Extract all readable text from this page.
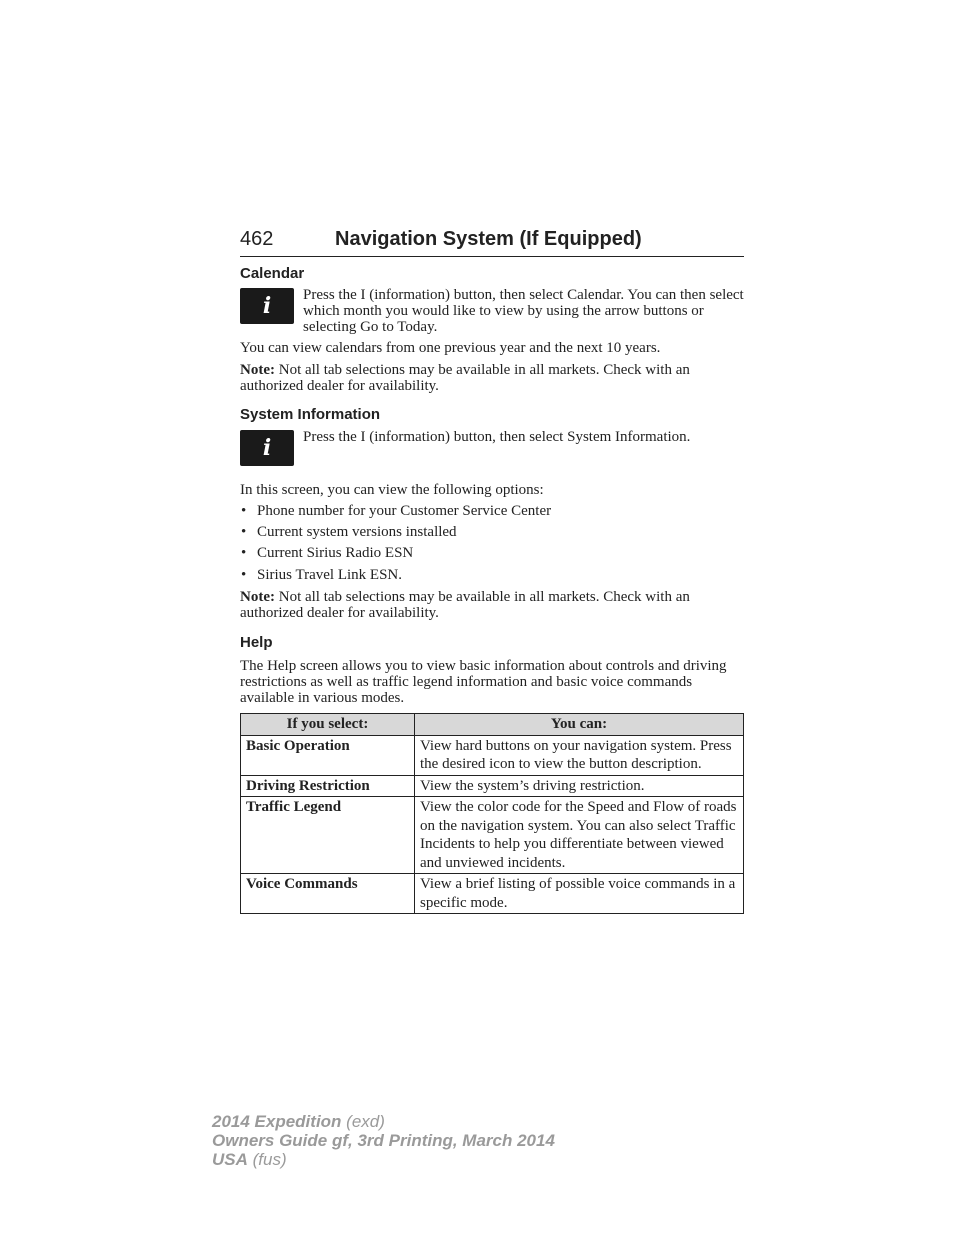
462	Navigation System (If Equipped)
Calendar
i Press the I (information) button, then select Calendar. You can then select which month you would like to view by using the arrow buttons or selecting Go to Today.

You can view calendars from one previous year and the next 10 years.

Note: Not all tab selections may be available in all markets. Check with an authorized dealer for availability.

System Information
i Press the I (information) button, then select System Information.

In this screen, you can view the following options:

• Phone number for your Customer Service Center
• Current system versions installed
• Current Sirius Radio ESN
• Sirius Travel Link ESN.

Note: Not all tab selections may be available in all markets. Check with an authorized dealer for availability.

Help

The Help screen allows you to view basic information about controls and driving restrictions as well as traffic legend information and basic voice commands available in various modes.

If you select:	You can:
Basic Operation	View hard buttons on your navigation system. Press the desired icon to view the button description.
Driving Restriction	View the system’s driving restriction.
Traffic Legend	View the color code for the Speed and Flow of roads on the navigation system. You can also select Traffic Incidents to help you differentiate between viewed and unviewed incidents.
Voice Commands	View a brief listing of possible voice commands in a specific mode.
2014 Expedition (exd)
Owners Guide gf, 3rd Printing, March 2014
USA (fus)
